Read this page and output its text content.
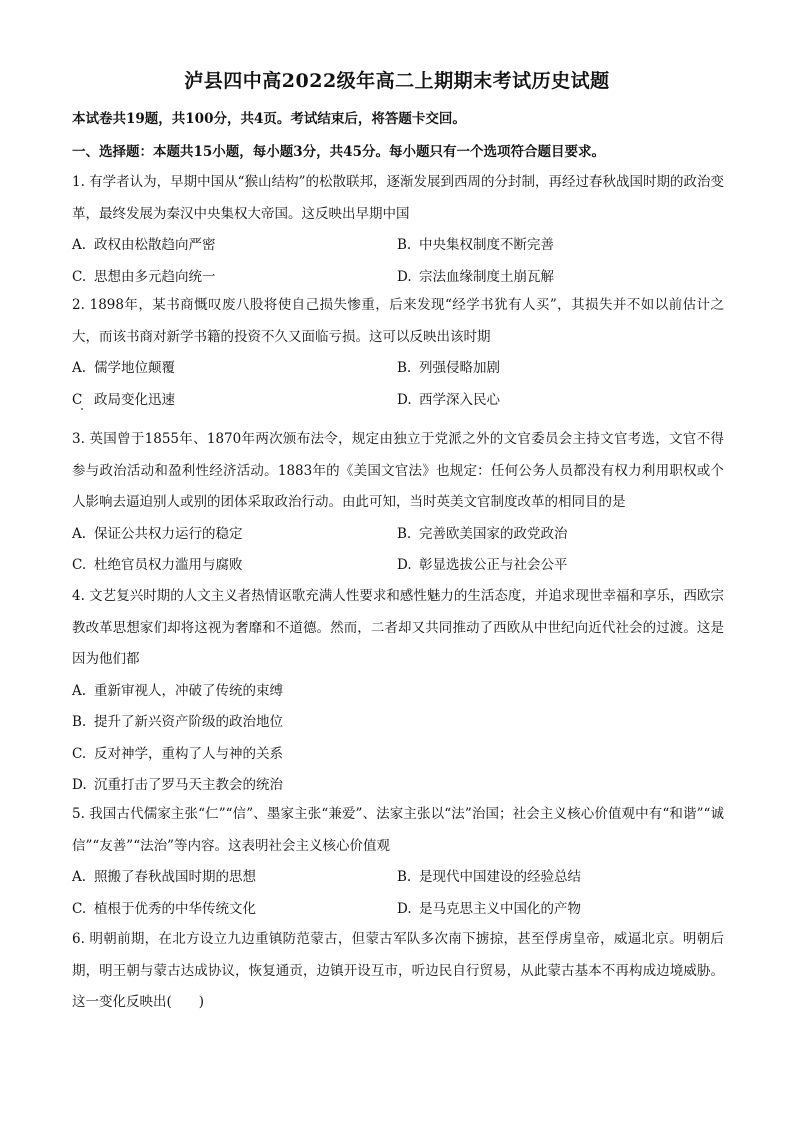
泸县四中高2022级年高二上期期末考试历史试题
本试卷共19题，共100分，共4页。考试结束后，将答题卡交回。
一、选择题：本题共15小题，每小题3分，共45分。每小题只有一个选项符合题目要求。

1. 有学者认为，早期中国从“猴山结构”的松散联邦，逐渐发展到西周的分封制，再经过春秋战国时期的政治变革，最终发展为秦汉中央集权大帝国。这反映出早期中国

A. 政权由松散趋向严密	B. 中央集权制度不断完善
C. 思想由多元趋向统一	D. 宗法血缘制度土崩瓦解

2. 1898年，某书商慨叹废八股将使自己损失惨重，后来发现“经学书犹有人买”，其损失并不如以前估计之大，而该书商对新学书籍的投资不久又面临亏损。这可以反映出该时期

A. 儒学地位颠覆	B. 列强侵略加剧
C 政局变化迅速	D. 西学深入民心

3. 英国曾于1855年、1870年两次颁布法令，规定由独立于党派之外的文官委员会主持文官考选，文官不得参与政治活动和盈利性经济活动。1883年的《美国文官法》也规定：任何公务人员都没有权力利用职权或个人影响去逼迫别人或别的团体采取政治行动。由此可知，当时英美文官制度改革的相同目的是

A. 保证公共权力运行的稳定	B. 完善欧美国家的政党政治
C. 杜绝官员权力滥用与腐败	D. 彰显选拔公正与社会公平

4. 文艺复兴时期的人文主义者热情讴歌充满人性要求和感性魅力的生活态度，并追求现世幸福和享乐，西欧宗教改革思想家们却将这视为奢靡和不道德。然而，二者却又共同推动了西欧从中世纪向近代社会的过渡。这是因为他们都

A. 重新审视人，冲破了传统的束缚
B. 提升了新兴资产阶级的政治地位
C. 反对神学，重构了人与神的关系
D. 沉重打击了罗马天主教会的统治

5. 我国古代儒家主张“仁”“信”、墨家主张“兼爱”、法家主张以“法”治国；社会主义核心价值观中有“和谐”“诚信”“友善”“法治”等内容。这表明社会主义核心价值观

A. 照搬了春秋战国时期的思想	B. 是现代中国建设的经验总结
C. 植根于优秀的中华传统文化	D. 是马克思主义中国化的产物

6. 明朝前期，在北方设立九边重镇防范蒙古，但蒙古军队多次南下掳掠，甚至俘虏皇帝，威逼北京。明朝后期，明王朝与蒙古达成协议，恢复通贡，边镇开设互市，听边民自行贸易，从此蒙古基本不再构成边境威胁。这一变化反映出(　　)
